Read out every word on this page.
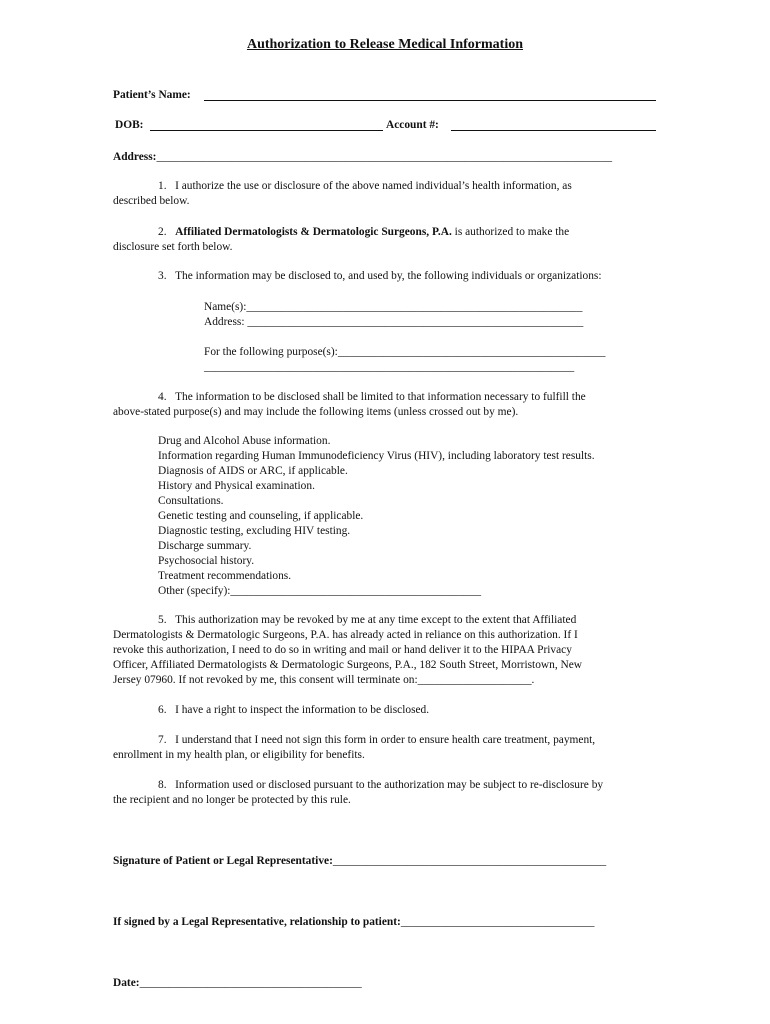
Authorization to Release Medical Information
Patient’s Name:
DOB:	Account #:
Address:________________________________________________________________________________
1. I authorize the use or disclosure of the above named individual’s health information, as
described below.
2. Affiliated Dermatologists & Dermatologic Surgeons, P.A. is authorized to make the
disclosure set forth below.
3. The information may be disclosed to, and used by, the following individuals or organizations:
Name(s):___________________________________________________________
Address: ___________________________________________________________
For the following purpose(s):_______________________________________________
_________________________________________________________________
4. The information to be disclosed shall be limited to that information necessary to fulfill the
above-stated purpose(s) and may include the following items (unless crossed out by me).
Drug and Alcohol Abuse information.
Information regarding Human Immunodeficiency Virus (HIV), including laboratory test results.
Diagnosis of AIDS or ARC, if applicable.
History and Physical examination.
Consultations.
Genetic testing and counseling, if applicable.
Diagnostic testing, excluding HIV testing.
Discharge summary.
Psychosocial history.
Treatment recommendations.
Other (specify):____________________________________________
5. This authorization may be revoked by me at any time except to the extent that Affiliated
Dermatologists & Dermatologic Surgeons, P.A. has already acted in reliance on this authorization. If I
revoke this authorization, I need to do so in writing and mail or hand deliver it to the HIPAA Privacy
Officer, Affiliated Dermatologists & Dermatologic Surgeons, P.A., 182 South Street, Morristown, New
Jersey 07960. If not revoked by me, this consent will terminate on:____________________.
6. I have a right to inspect the information to be disclosed.
7. I understand that I need not sign this form in order to ensure health care treatment, payment,
enrollment in my health plan, or eligibility for benefits.
8. Information used or disclosed pursuant to the authorization may be subject to re-disclosure by
the recipient and no longer be protected by this rule.
Signature of Patient or Legal Representative:________________________________________________
If signed by a Legal Representative, relationship to patient:__________________________________
Date:_______________________________________
